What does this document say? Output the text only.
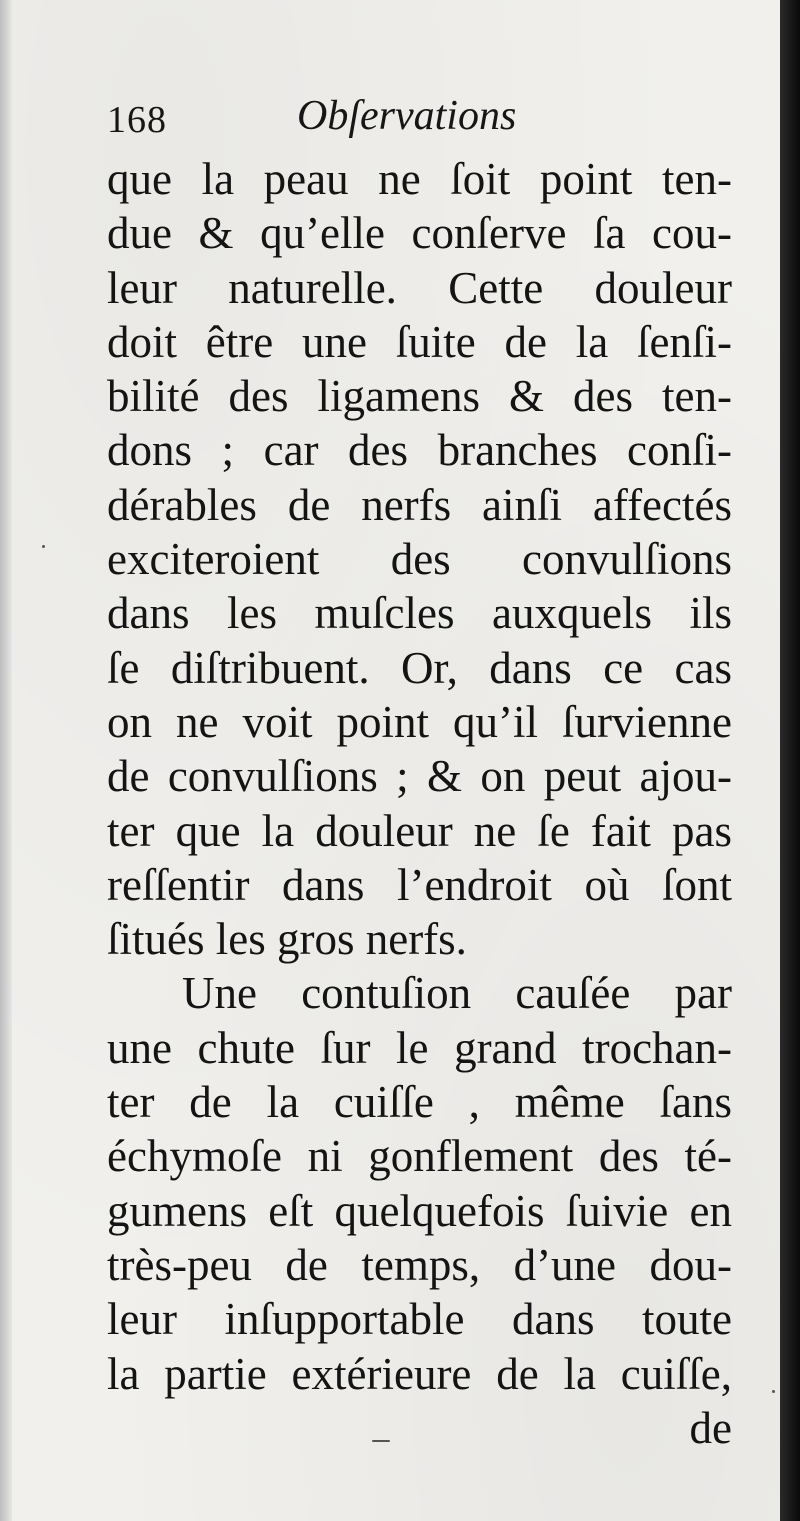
168	Obſervations
que la peau ne ſoit point ten-
due & qu’elle conſerve ſa cou-
leur naturelle. Cette douleur
doit être une ſuite de la ſenſi-
bilité des ligamens & des ten-
dons ; car des branches conſi-
dérables de nerfs ainſi affectés
exciteroient des convulſions
dans les muſcles auxquels ils
ſe diſtribuent. Or, dans ce cas
on ne voit point qu’il ſurvienne
de convulſions ; & on peut ajou-
ter que la douleur ne ſe fait pas
reſſentir dans l’endroit où ſont
ſitués les gros nerfs.
Une contuſion cauſée par
une chute ſur le grand trochan-
ter de la cuiſſe , même ſans
échymoſe ni gonflement des té-
gumens eſt quelquefois ſuivie en
très-peu de temps, d’une dou-
leur inſupportable dans toute
la partie extérieure de la cuiſſe,
de
